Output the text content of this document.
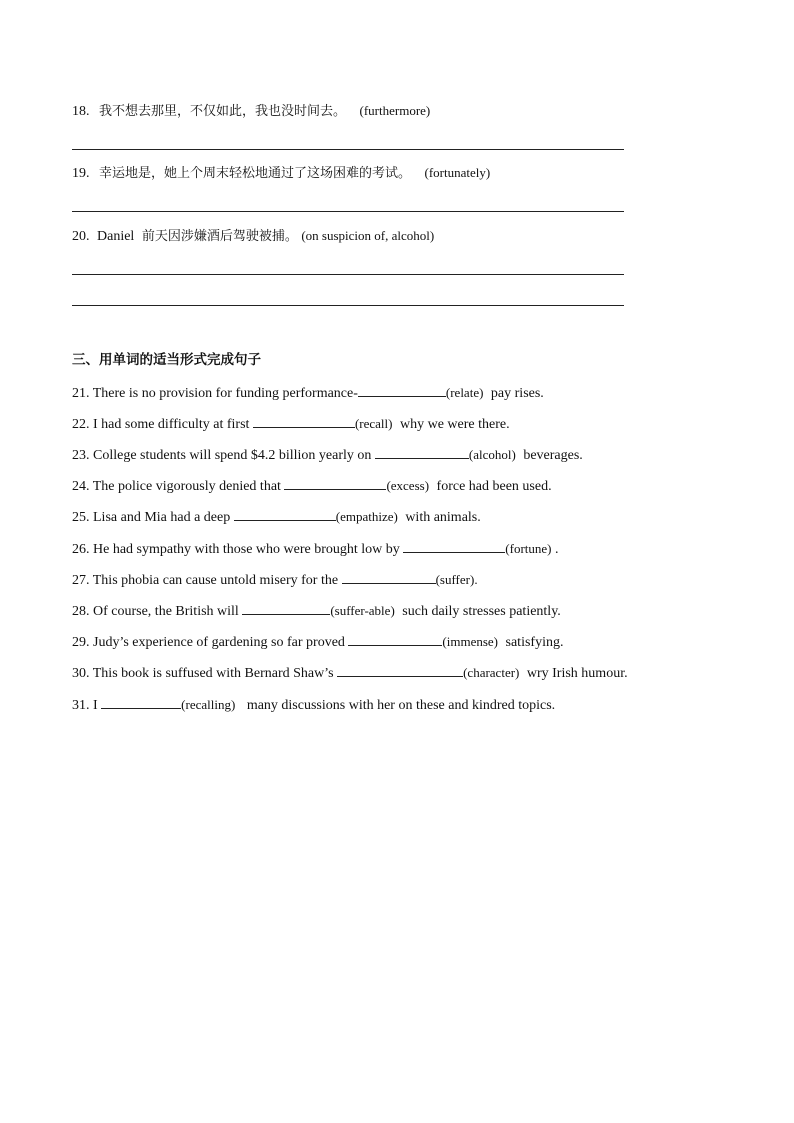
18. 我不想去那里，不仅如此，我也没时间去。 (furthermore)
19. 幸运地是，她上个周末轻松地通过了这场困难的考试。 (fortunately)
20. Daniel 前天因涉嫌酒后驾驶被捕。 (on suspicion of, alcohol)
三、用单词的适当形式完成句子
21. There is no provision for funding performance-	(relate) pay rises.
22. I had some difficulty at first	(recall) why we were there.
23. College students will spend $4.2 billion yearly on	(alcohol) beverages.
24. The police vigorously denied that	(excess) force had been used.
25. Lisa and Mia had a deep	(empathize) with animals.
26. He had sympathy with those who were brought low by	(fortune) .
27. This phobia can cause untold misery for the	(suffer).
28. Of course, the British will	(suffer-able) such daily stresses patiently.
29. Judy’s experience of gardening so far proved	(immense) satisfying.
30. This book is suffused with Bernard Shaw’s	(character) wry Irish humour.
31. I	(recalling) many discussions with her on these and kindred topics.
